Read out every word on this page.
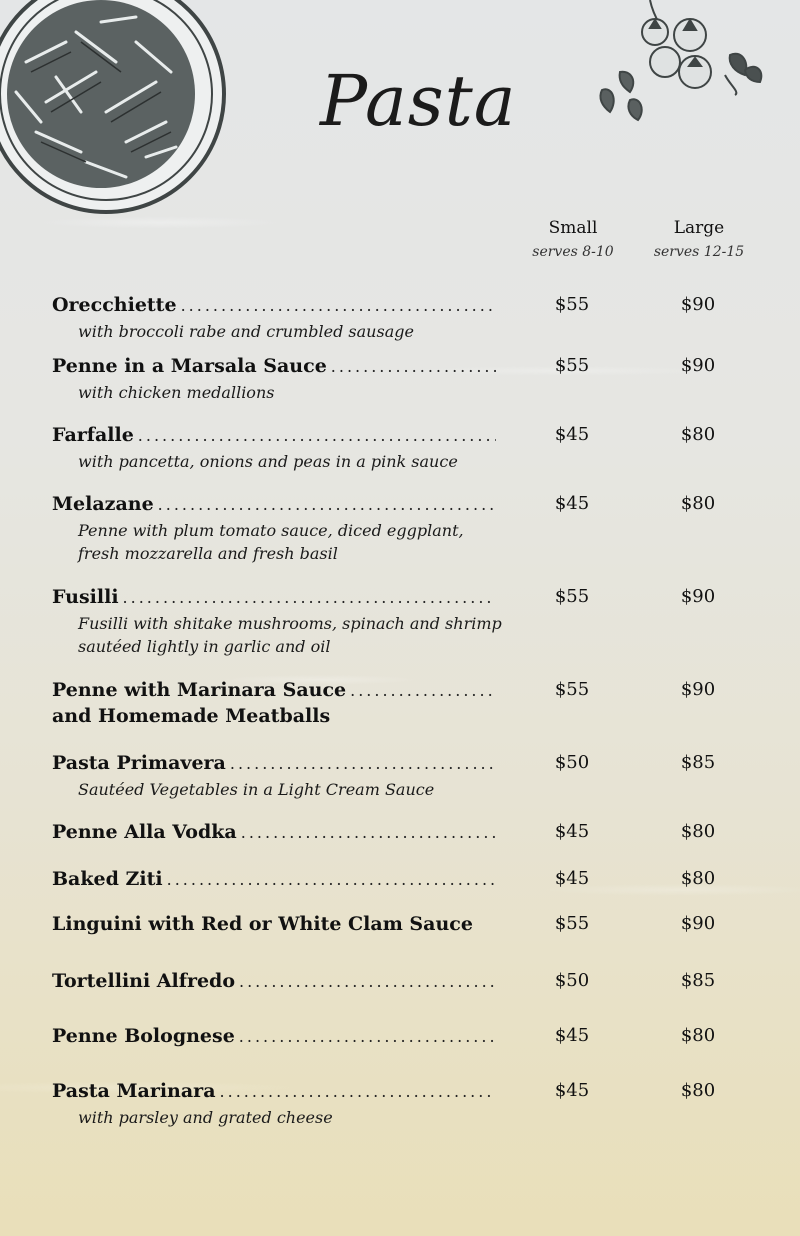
Pasta
Small
serves 8-10
Large
serves 12-15
Orecchiette .....	$55	$90
with broccoli rabe and crumbled sausage
Penne in a Marsala Sauce .....	$55	$90
with chicken medallions
Farfalle .....	$45	$80
with pancetta, onions and peas in a pink sauce
Melazane .....	$45	$80
Penne with plum tomato sauce, diced eggplant,
fresh mozzarella and fresh basil
Fusilli .....	$55	$90
Fusilli with shitake mushrooms, spinach and shrimp
sautéed lightly in garlic and oil
Penne with Marinara Sauce .....	$55	$90
and Homemade Meatballs
Pasta Primavera .....	$50	$85
Sautéed Vegetables in a Light Cream Sauce
Penne Alla Vodka .....	$45	$80
Baked Ziti .....	$45	$80
Linguini with Red or White Clam Sauce	$55	$90
Tortellini Alfredo .....	$50	$85
Penne Bolognese .....	$45	$80
Pasta Marinara .....	$45	$80
with parsley and grated cheese
